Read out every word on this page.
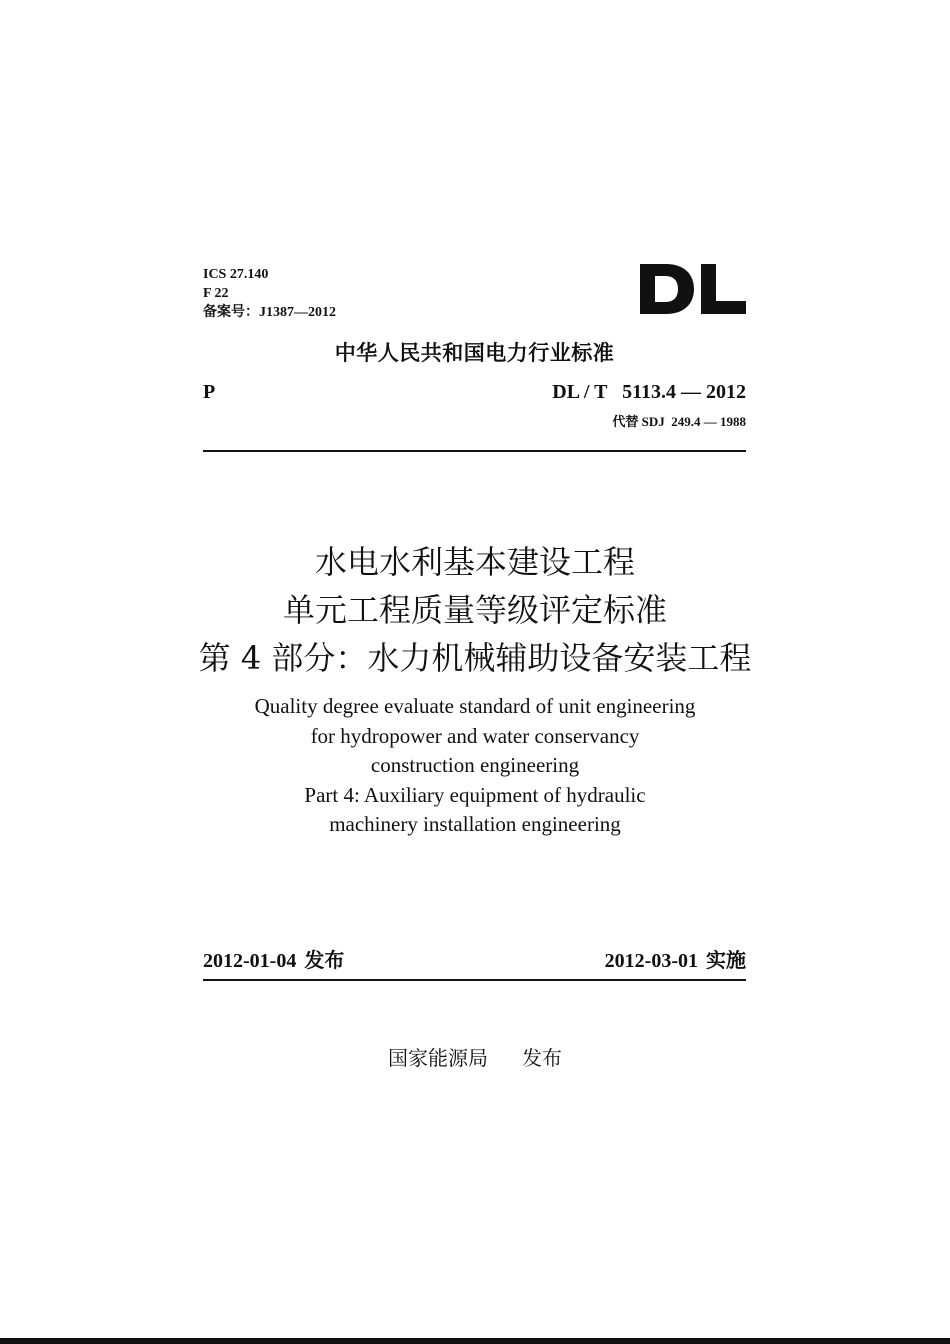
ICS 27.140
F 22
备案号：J1387—2012
中华人民共和国电力行业标准
P	DL / T   5113.4 — 2012
代替 SDJ  249.4 — 1988
水电水利基本建设工程
单元工程质量等级评定标准
第 4 部分：水力机械辅助设备安装工程
Quality degree evaluate standard of unit engineering
for hydropower and water conservancy
construction engineering
Part 4: Auxiliary equipment of hydraulic
machinery installation engineering
2012-01-04 发布	2012-03-01 实施
国家能源局 发布
